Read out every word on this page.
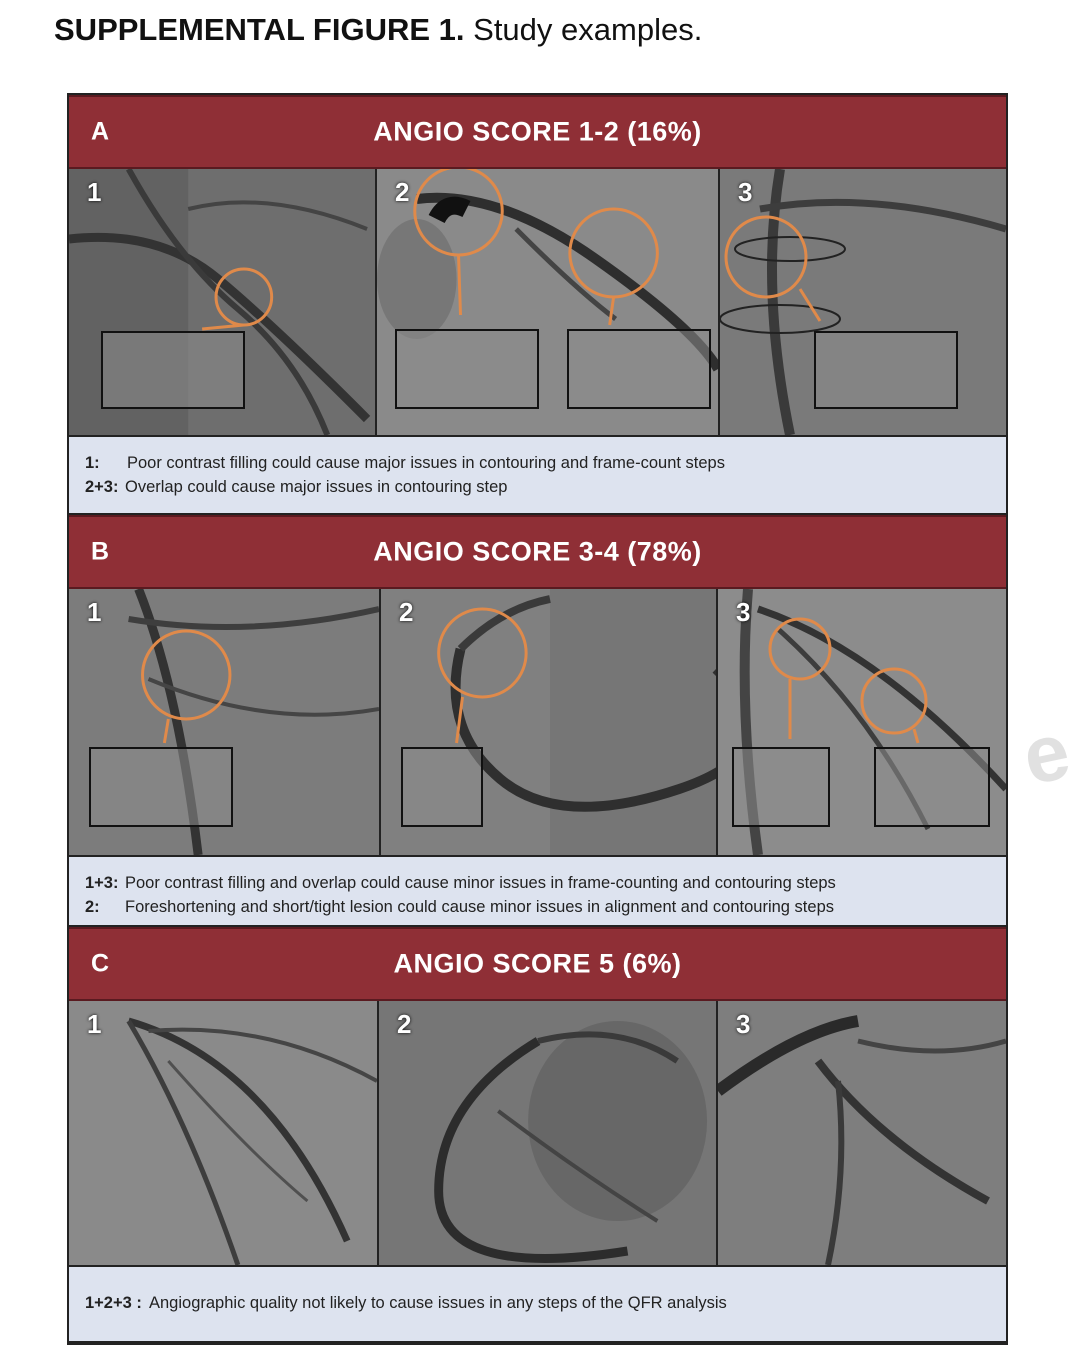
SUPPLEMENTAL FIGURE 1. Study examples.
A	ANGIO SCORE 1-2 (16%)
1	2	3
1:	Poor contrast filling could cause major issues in contouring and frame-count steps
2+3: Overlap could cause major issues in contouring step
B	ANGIO SCORE 3-4 (78%)
1	2	3
1+3: Poor contrast filling and overlap could cause minor issues in frame-counting and contouring steps
2:	Foreshortening and short/tight lesion could cause minor issues in alignment and contouring steps
C	ANGIO SCORE 5 (6%)
1	2	3
1+2+3 : Angiographic quality not likely to cause issues in any steps of the QFR analysis
e
